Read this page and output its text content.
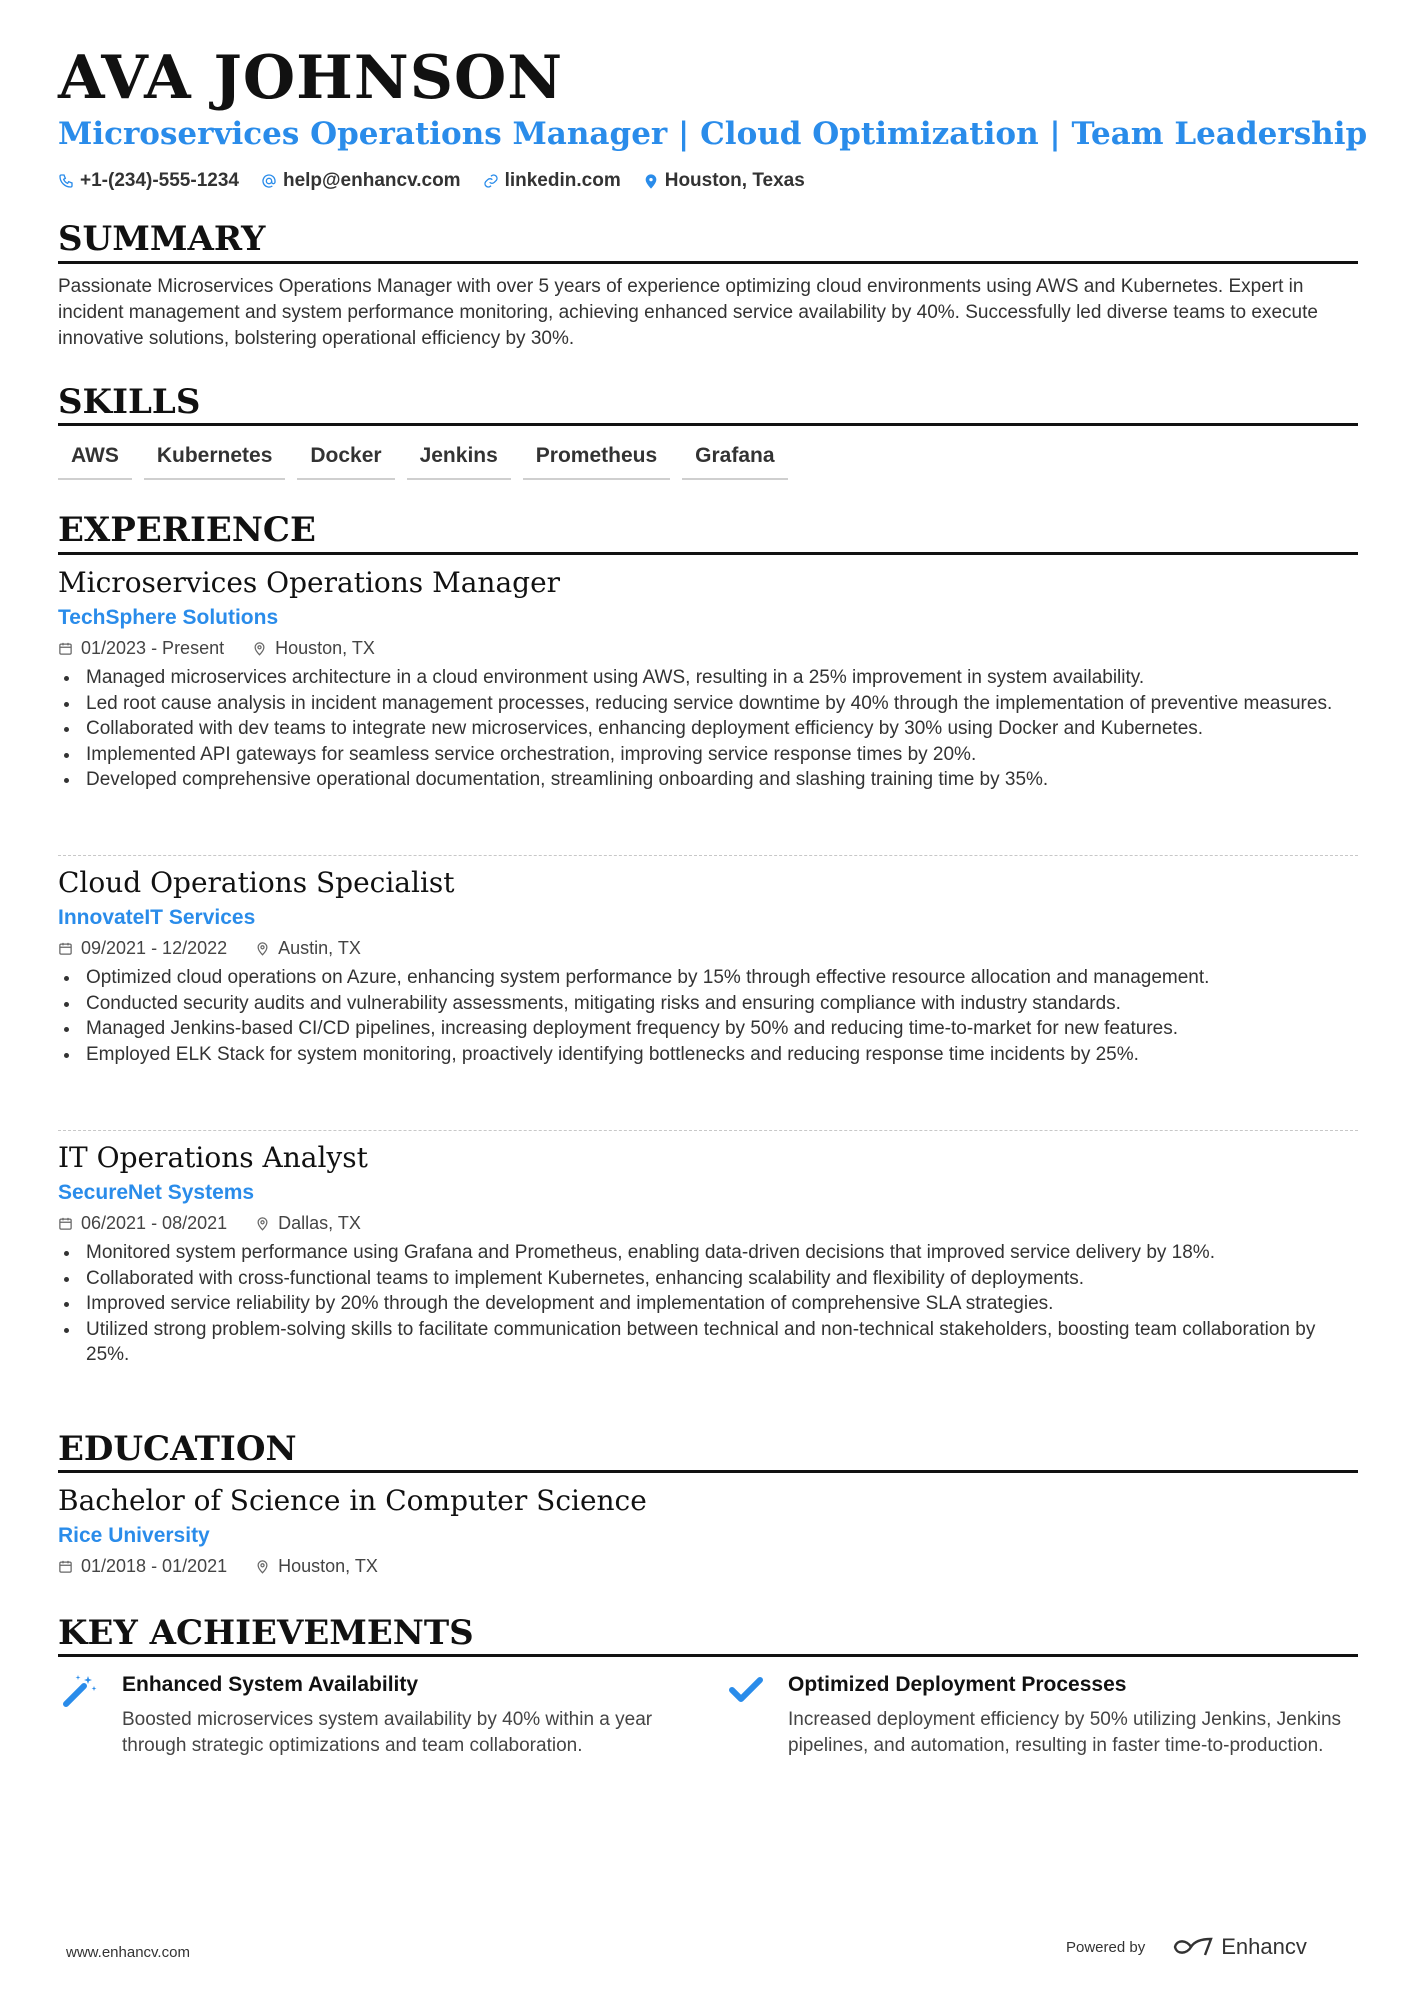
AVA JOHNSON
Microservices Operations Manager | Cloud Optimization | Team Leadership
+1-(234)-555-1234 help@enhancv.com linkedin.com Houston, Texas
SUMMARY
Passionate Microservices Operations Manager with over 5 years of experience optimizing cloud environments using AWS and Kubernetes. Expert in incident management and system performance monitoring, achieving enhanced service availability by 40%. Successfully led diverse teams to execute innovative solutions, bolstering operational efficiency by 30%.
SKILLS
AWS	Kubernetes	Docker	Jenkins	Prometheus	Grafana
EXPERIENCE
Microservices Operations Manager
TechSphere Solutions
01/2023 - Present	Houston, TX
Managed microservices architecture in a cloud environment using AWS, resulting in a 25% improvement in system availability.
Led root cause analysis in incident management processes, reducing service downtime by 40% through the implementation of preventive measures.
Collaborated with dev teams to integrate new microservices, enhancing deployment efficiency by 30% using Docker and Kubernetes.
Implemented API gateways for seamless service orchestration, improving service response times by 20%.
Developed comprehensive operational documentation, streamlining onboarding and slashing training time by 35%.
Cloud Operations Specialist
InnovateIT Services
09/2021 - 12/2022	Austin, TX
Optimized cloud operations on Azure, enhancing system performance by 15% through effective resource allocation and management.
Conducted security audits and vulnerability assessments, mitigating risks and ensuring compliance with industry standards.
Managed Jenkins-based CI/CD pipelines, increasing deployment frequency by 50% and reducing time-to-market for new features.
Employed ELK Stack for system monitoring, proactively identifying bottlenecks and reducing response time incidents by 25%.
IT Operations Analyst
SecureNet Systems
06/2021 - 08/2021	Dallas, TX
Monitored system performance using Grafana and Prometheus, enabling data-driven decisions that improved service delivery by 18%.
Collaborated with cross-functional teams to implement Kubernetes, enhancing scalability and flexibility of deployments.
Improved service reliability by 20% through the development and implementation of comprehensive SLA strategies.
Utilized strong problem-solving skills to facilitate communication between technical and non-technical stakeholders, boosting team collaboration by 25%.
EDUCATION
Bachelor of Science in Computer Science
Rice University
01/2018 - 01/2021	Houston, TX
KEY ACHIEVEMENTS
Enhanced System Availability
Boosted microservices system availability by 40% within a year through strategic optimizations and team collaboration.
Optimized Deployment Processes
Increased deployment efficiency by 50% utilizing Jenkins, Jenkins pipelines, and automation, resulting in faster time-to-production.
www.enhancv.com	Powered by	Enhancv
